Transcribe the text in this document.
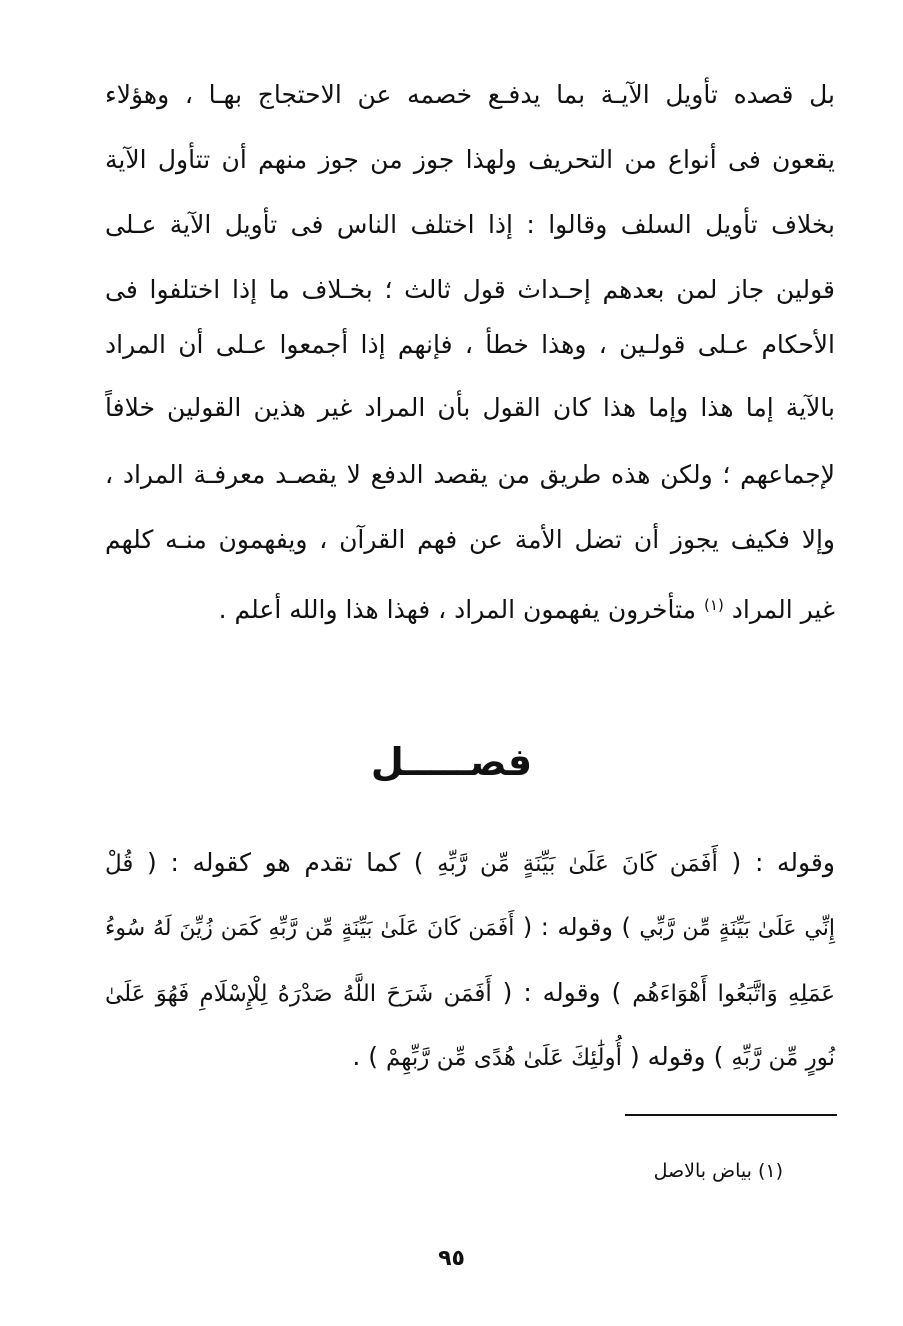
بل قصده تأويل الآيـة بما يدفـع خصمه عن الاحتجاج بهـا ، وهؤلاء
يقعون فى أنواع من التحريف ولهذا جوز من جوز منهم أن تتأول الآية
بخلاف تأويل السلف وقالوا : إذا اختلف الناس فى تأويل الآية عـلى
قولين جاز لمن بعدهم إحـداث قول ثالث ؛ بخـلاف ما إذا اختلفوا فى
الأحكام عـلى قولـين ، وهذا خطأ ، فإنهم إذا أجمعوا عـلى أن المراد
بالآية إما هذا وإما هذا كان القول بأن المراد غير هذين القولين خلافاً
لإجماعهم ؛ ولكن هذه طريق من يقصد الدفع لا يقصـد معرفـة المراد ،
وإلا فكيف يجوز أن تضل الأمة عن فهم القرآن ، ويفهمون منـه كلهم
غير المراد $^{(١)}$ متأخرون يفهمون المراد ، فهذا هذا والله أعلم .
فصـــــل
وقوله : ( أَفَمَن كَانَ عَلَىٰ بَيِّنَةٍ مِّن رَّبِّهِ ) كما تقدم هو كقوله : ( قُلْ
إِنِّي عَلَىٰ بَيِّنَةٍ مِّن رَّبِّي ) وقوله : ( أَفَمَن كَانَ عَلَىٰ بَيِّنَةٍ مِّن رَّبِّهِ كَمَن زُيِّنَ لَهُ سُوءُ
عَمَلِهِ وَاتَّبَعُوا أَهْوَاءَهُم ) وقوله : ( أَفَمَن شَرَحَ اللَّهُ صَدْرَهُ لِلْإِسْلَامِ فَهُوَ عَلَىٰ
نُورٍ مِّن رَّبِّهِ ) وقوله ( أُولَٰئِكَ عَلَىٰ هُدًى مِّن رَّبِّهِمْ ) .
(١) بياض بالاصل
٩٥
